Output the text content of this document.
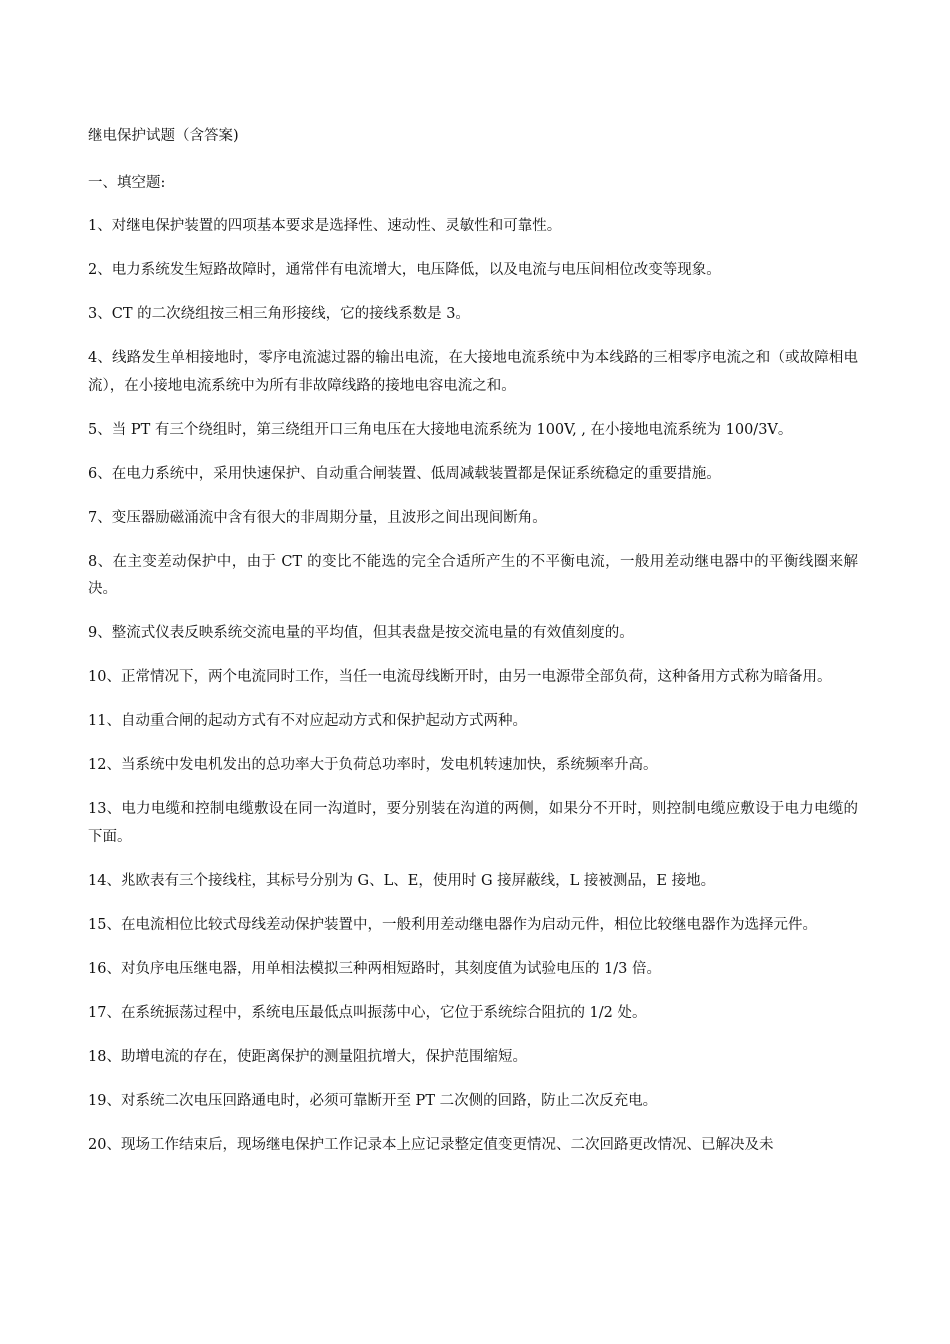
继电保护试题（含答案)
一、填空题:
1、对继电保护装置的四项基本要求是选择性、速动性、灵敏性和可靠性。
2、电力系统发生短路故障时，通常伴有电流增大，电压降低，以及电流与电压间相位改变等现象。
3、CT 的二次绕组按三相三角形接线，它的接线系数是 3。
4、线路发生单相接地时，零序电流滤过器的输出电流，在大接地电流系统中为本线路的三相零序电流之和（或故障相电流），在小接地电流系统中为所有非故障线路的接地电容电流之和。
5、当 PT 有三个绕组时，第三绕组开口三角电压在大接地电流系统为 100V, , 在小接地电流系统为 100/3V。
6、在电力系统中，采用快速保护、自动重合闸装置、低周减载装置都是保证系统稳定的重要措施。
7、变压器励磁涌流中含有很大的非周期分量，且波形之间出现间断角。
8、在主变差动保护中，由于 CT 的变比不能选的完全合适所产生的不平衡电流，一般用差动继电器中的平衡线圈来解决。
9、整流式仪表反映系统交流电量的平均值，但其表盘是按交流电量的有效值刻度的。
10、正常情况下，两个电流同时工作，当任一电流母线断开时，由另一电源带全部负荷，这种备用方式称为暗备用。
11、自动重合闸的起动方式有不对应起动方式和保护起动方式两种。
12、当系统中发电机发出的总功率大于负荷总功率时，发电机转速加快，系统频率升高。
13、电力电缆和控制电缆敷设在同一沟道时，要分别装在沟道的两侧，如果分不开时，则控制电缆应敷设于电力电缆的下面。
14、兆欧表有三个接线柱，其标号分别为 G、L、E，使用时 G 接屏蔽线，L 接被测品，E 接地。
15、在电流相位比较式母线差动保护装置中，一般利用差动继电器作为启动元件，相位比较继电器作为选择元件。
16、对负序电压继电器，用单相法模拟三种两相短路时，其刻度值为试验电压的 1/3 倍。
17、在系统振荡过程中，系统电压最低点叫振荡中心，它位于系统综合阻抗的 1/2 处。
18、助增电流的存在，使距离保护的测量阻抗增大，保护范围缩短。
19、对系统二次电压回路通电时，必须可靠断开至 PT 二次侧的回路，防止二次反充电。
20、现场工作结束后，现场继电保护工作记录本上应记录整定值变更情况、二次回路更改情况、已解决及未
